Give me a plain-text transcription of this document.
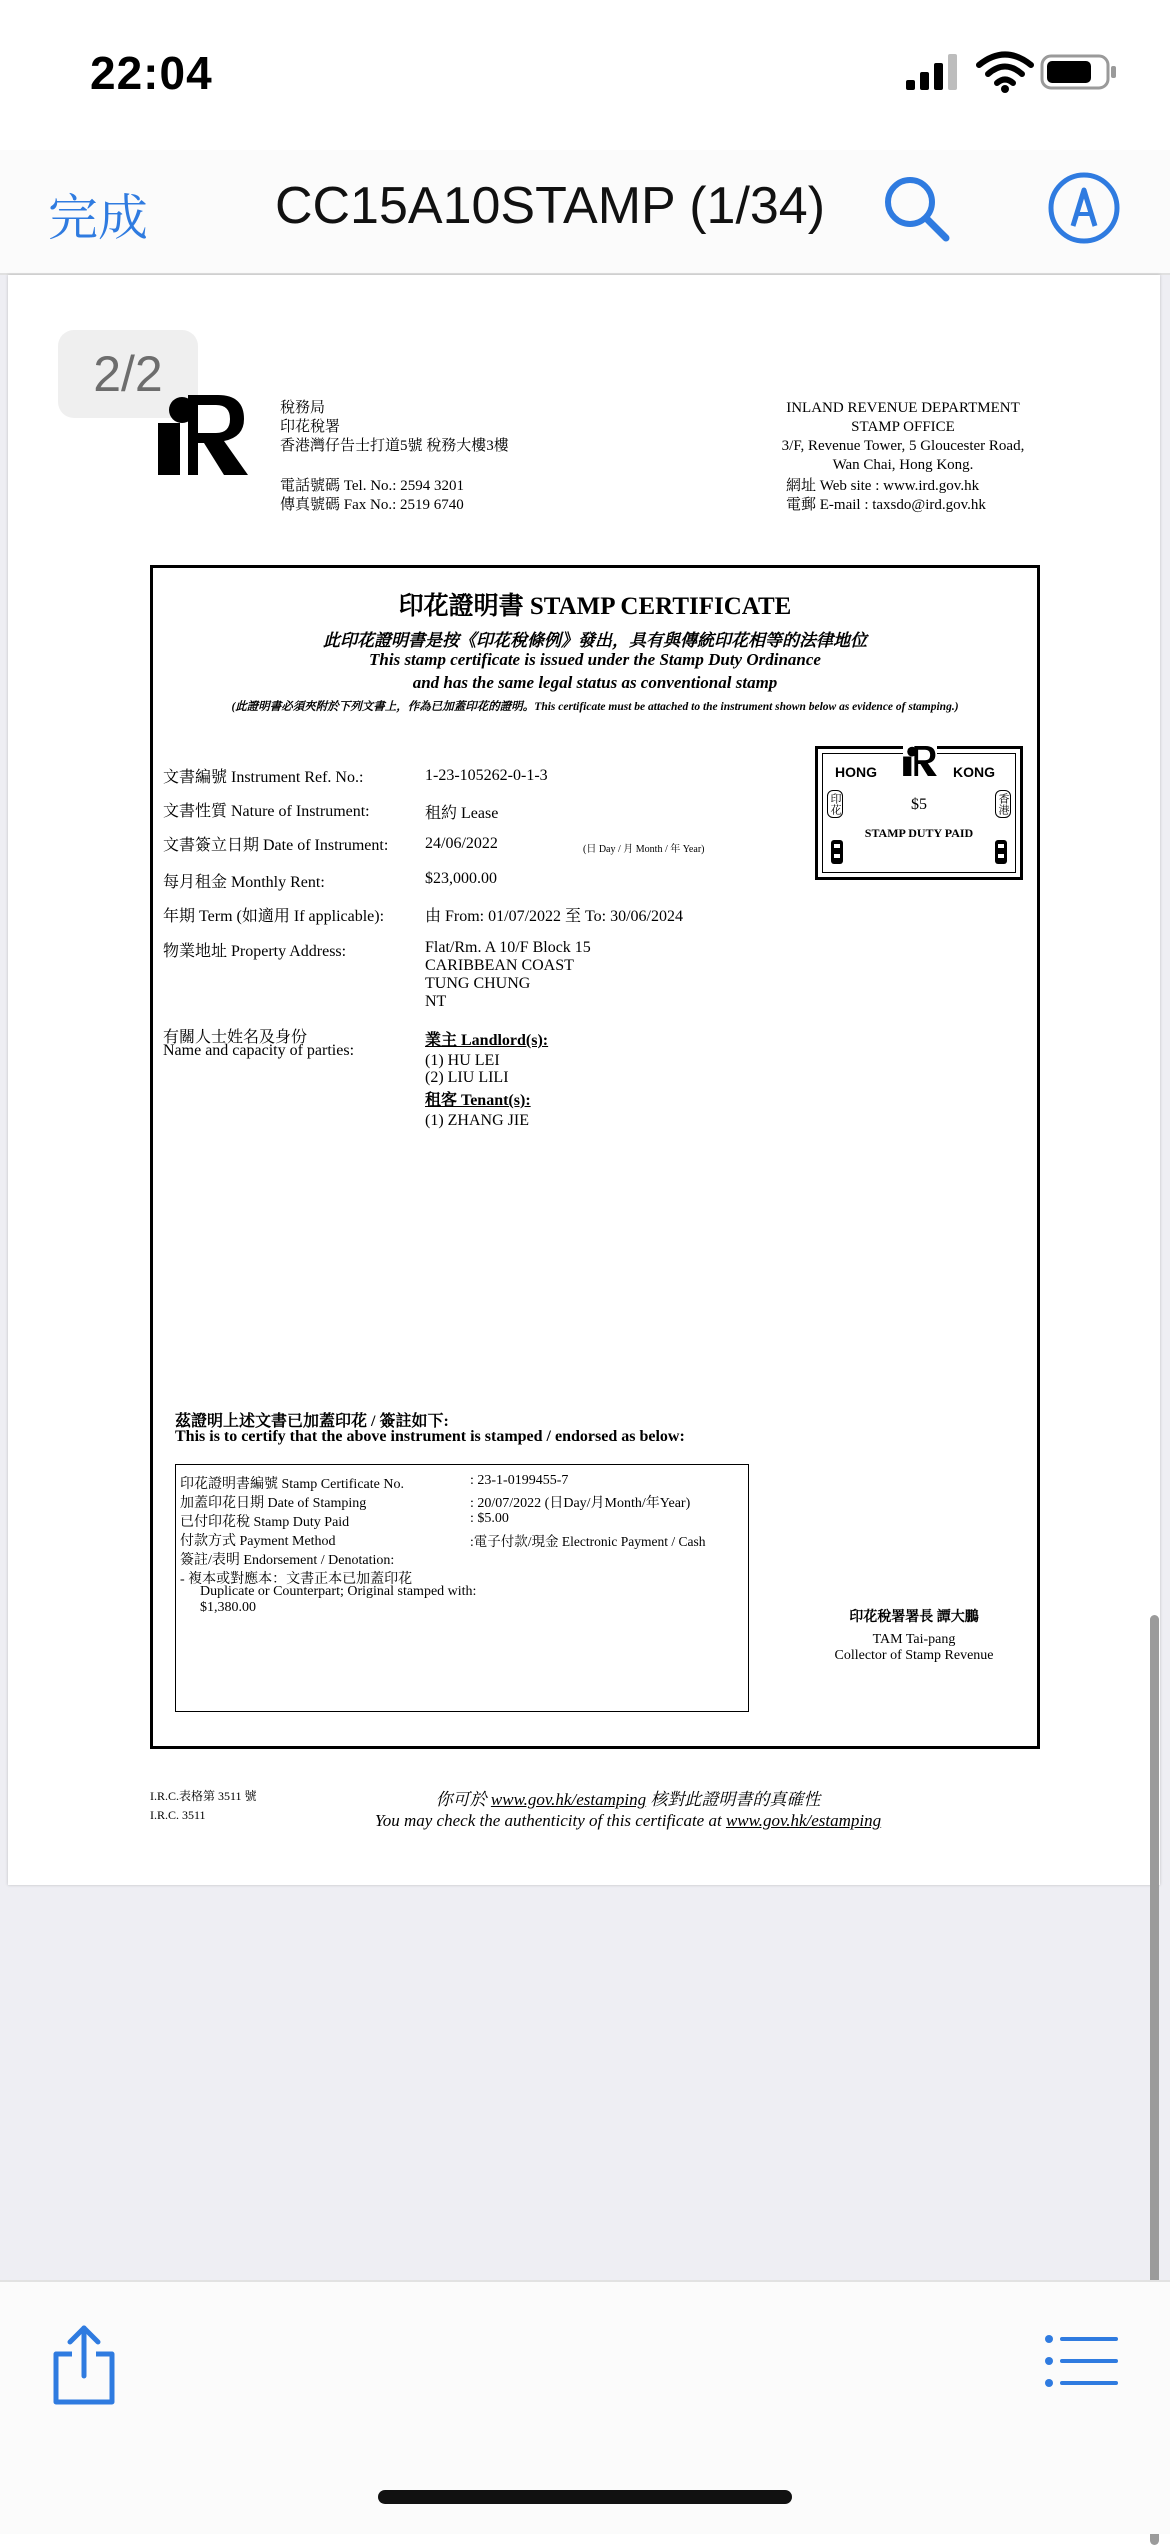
22:04
完成 CC15A10STAMP (1/34)
2/2
稅務局
印花稅署
香港灣仔告士打道5號 稅務大樓3樓
電話號碼 Tel. No.: 2594 3201
傳真號碼 Fax No.: 2519 6740
INLAND REVENUE DEPARTMENT
STAMP OFFICE
3/F, Revenue Tower, 5 Gloucester Road,
Wan Chai, Hong Kong.
網址 Web site : www.ird.gov.hk
電郵 E-mail : taxsdo@ird.gov.hk
印花證明書 STAMP CERTIFICATE
此印花證明書是按《印花稅條例》發出，具有與傳統印花相等的法律地位
This stamp certificate is issued under the Stamp Duty Ordinance
and has the same legal status as conventional stamp
(此證明書必須夾附於下列文書上，作為已加蓋印花的證明。This certificate must be attached to the instrument shown below as evidence of stamping.)
文書編號 Instrument Ref. No.:	1-23-105262-0-1-3
文書性質 Nature of Instrument:	租約 Lease
文書簽立日期 Date of Instrument: 24/06/2022	(日 Day / 月 Month / 年 Year)
每月租金 Monthly Rent:	$23,000.00
年期 Term (如適用 If applicable):	由 From: 01/07/2022 至 To: 30/06/2024
物業地址 Property Address:	Flat/Rm. A 10/F Block 15
CARIBBEAN COAST
TUNG CHUNG
NT
有關人士姓名及身份
Name and capacity of parties:
業主 Landlord(s):
(1) HU LEI
(2) LIU LILI
租客 Tenant(s):
(1) ZHANG JIE
HONG	KONG
印花	香港
$5
STAMP DUTY PAID
茲證明上述文書已加蓋印花 / 簽註如下:
This is to certify that the above instrument is stamped / endorsed as below:
印花證明書編號 Stamp Certificate No.	: 23-1-0199455-7
加蓋印花日期 Date of Stamping	: 20/07/2022 (日Day/月Month/年Year)
已付印花稅 Stamp Duty Paid	: $5.00
付款方式 Payment Method	:電子付款/現金 Electronic Payment / Cash
簽註/表明 Endorsement / Denotation:
- 複本或對應本：文書正本已加蓋印花
Duplicate or Counterpart; Original stamped with:
$1,380.00
印花稅署署長 譚大鵬
TAM Tai-pang
Collector of Stamp Revenue
I.R.C.表格第 3511 號
I.R.C. 3511
你可於 www.gov.hk/estamping 核對此證明書的真確性
You may check the authenticity of this certificate at www.gov.hk/estamping
